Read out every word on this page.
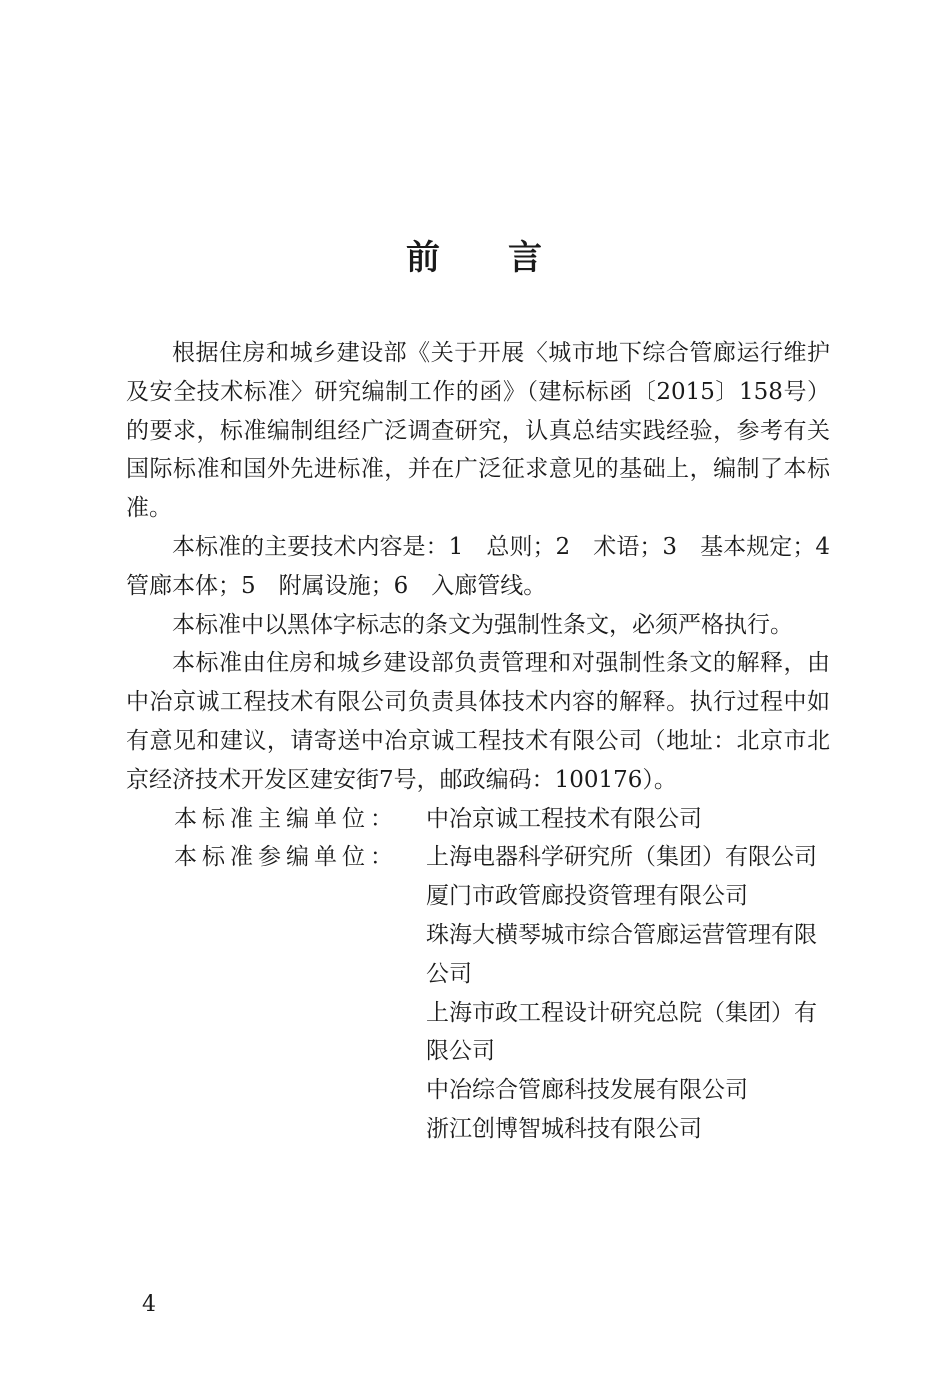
前 言

根据住房和城乡建设部《关于开展〈城市地下综合管廊运行维护及安全技术标准〉研究编制工作的函》（建标标函〔2015〕158号）的要求，标准编制组经广泛调查研究，认真总结实践经验，参考有关国际标准和国外先进标准，并在广泛征求意见的基础上，编制了本标准。

本标准的主要技术内容是：1　总则；2　术语；3　基本规定；4　管廊本体；5　附属设施；6　入廊管线。

本标准中以黑体字标志的条文为强制性条文，必须严格执行。

本标准由住房和城乡建设部负责管理和对强制性条文的解释，由中冶京诚工程技术有限公司负责具体技术内容的解释。执行过程中如有意见和建议，请寄送中冶京诚工程技术有限公司（地址：北京市北京经济技术开发区建安街7号，邮政编码：100176）。

本标准主编单位：	中冶京诚工程技术有限公司
本标准参编单位：	上海电器科学研究所（集团）有限公司
厦门市政管廊投资管理有限公司
珠海大横琴城市综合管廊运营管理有限公司
上海市政工程设计研究总院（集团）有限公司
中冶综合管廊科技发展有限公司
浙江创博智城科技有限公司
4
